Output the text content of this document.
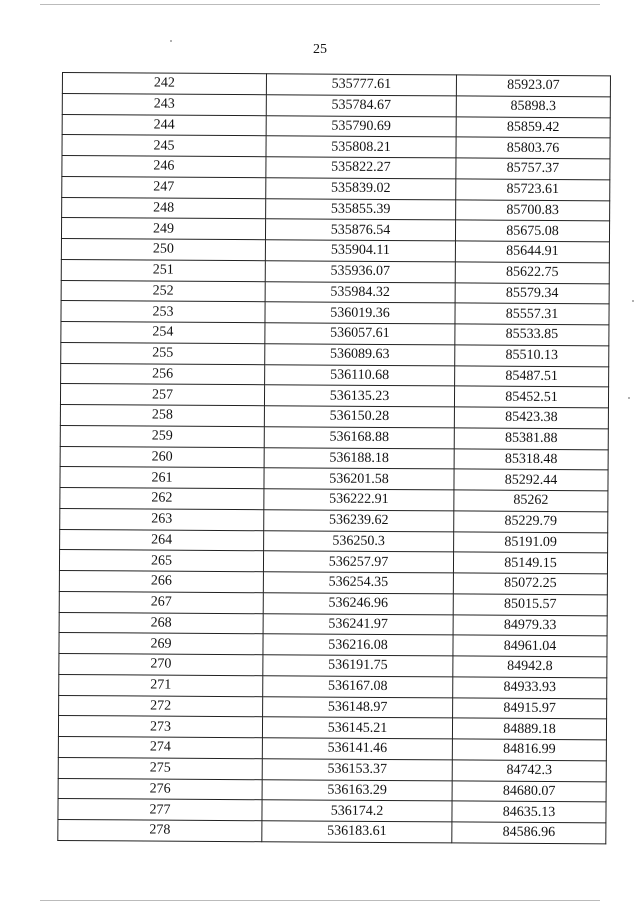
25
242	535777.61	85923.07
243	535784.67	85898.3
244	535790.69	85859.42
245	535808.21	85803.76
246	535822.27	85757.37
247	535839.02	85723.61
248	535855.39	85700.83
249	535876.54	85675.08
250	535904.11	85644.91
251	535936.07	85622.75
252	535984.32	85579.34
253	536019.36	85557.31
254	536057.61	85533.85
255	536089.63	85510.13
256	536110.68	85487.51
257	536135.23	85452.51
258	536150.28	85423.38
259	536168.88	85381.88
260	536188.18	85318.48
261	536201.58	85292.44
262	536222.91	85262
263	536239.62	85229.79
264	536250.3	85191.09
265	536257.97	85149.15
266	536254.35	85072.25
267	536246.96	85015.57
268	536241.97	84979.33
269	536216.08	84961.04
270	536191.75	84942.8
271	536167.08	84933.93
272	536148.97	84915.97
273	536145.21	84889.18
274	536141.46	84816.99
275	536153.37	84742.3
276	536163.29	84680.07
277	536174.2	84635.13
278	536183.61	84586.96
